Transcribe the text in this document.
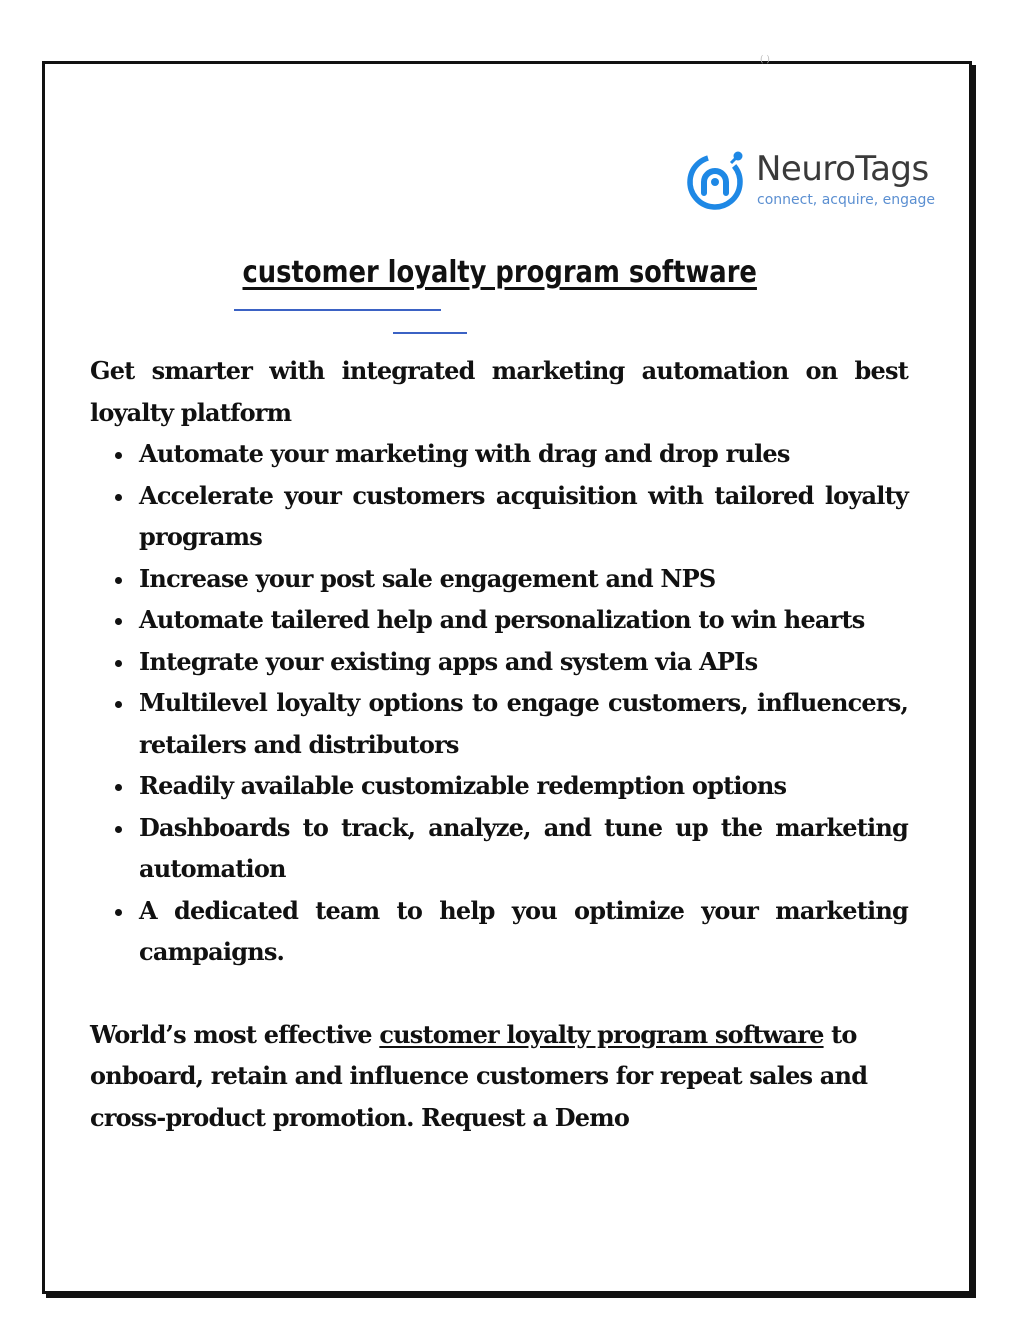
( )
NeuroTags
connect, acquire, engage
customer loyalty program software

Get smarter with integrated marketing automation on best loyalty platform

Automate your marketing with drag and drop rules
Accelerate your customers acquisition with tailored loyalty programs
Increase your post sale engagement and NPS
Automate tailered help and personalization to win hearts
Integrate your existing apps and system via APIs
Multilevel loyalty options to engage customers, influencers, retailers and distributors
Readily available customizable redemption options
Dashboards to track, analyze, and tune up the marketing automation
A dedicated team to help you optimize your marketing campaigns.

World’s most effective customer loyalty program software to onboard, retain and influence customers for repeat sales and cross-product promotion. Request a Demo
